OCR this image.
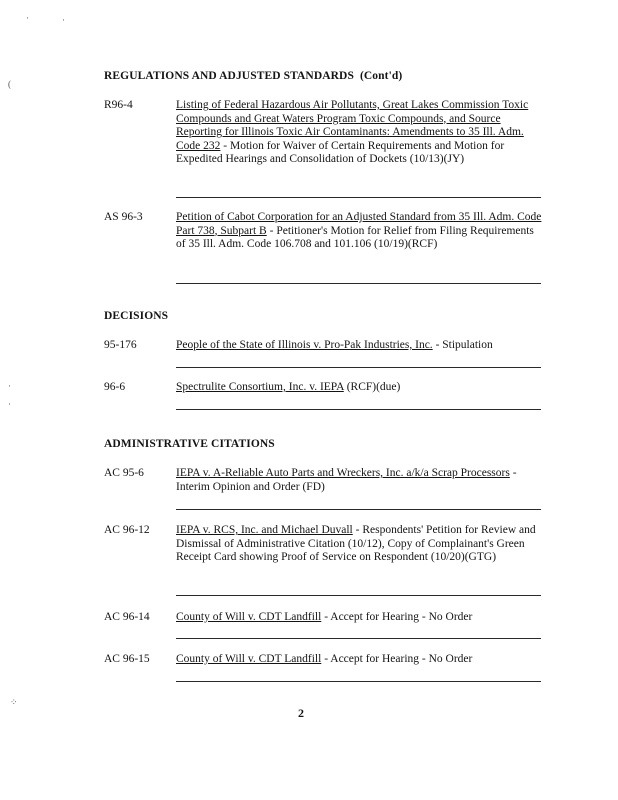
·	·
(
·
·
⁘
REGULATIONS AND ADJUSTED STANDARDS (Cont'd)
R96-4	Listing of Federal Hazardous Air Pollutants, Great Lakes Commission Toxic Compounds and Great Waters Program Toxic Compounds, and Source Reporting for Illinois Toxic Air Contaminants: Amendments to 35 Ill. Adm. Code 232 - Motion for Waiver of Certain Requirements and Motion for Expedited Hearings and Consolidation of Dockets (10/13)(JY)
AS 96-3	Petition of Cabot Corporation for an Adjusted Standard from 35 Ill. Adm. Code Part 738, Subpart B - Petitioner's Motion for Relief from Filing Requirements of 35 Ill. Adm. Code 106.708 and 101.106 (10/19)(RCF)
DECISIONS
95-176	People of the State of Illinois v. Pro-Pak Industries, Inc. - Stipulation
96-6	Spectrulite Consortium, Inc. v. IEPA (RCF)(due)
ADMINISTRATIVE CITATIONS
AC 95-6	IEPA v. A-Reliable Auto Parts and Wreckers, Inc. a/k/a Scrap Processors - Interim Opinion and Order (FD)
AC 96-12 IEPA v. RCS, Inc. and Michael Duvall - Respondents' Petition for Review and Dismissal of Administrative Citation (10/12), Copy of Complainant's Green Receipt Card showing Proof of Service on Respondent (10/20)(GTG)
AC 96-14 County of Will v. CDT Landfill - Accept for Hearing - No Order
AC 96-15 County of Will v. CDT Landfill - Accept for Hearing - No Order
2
